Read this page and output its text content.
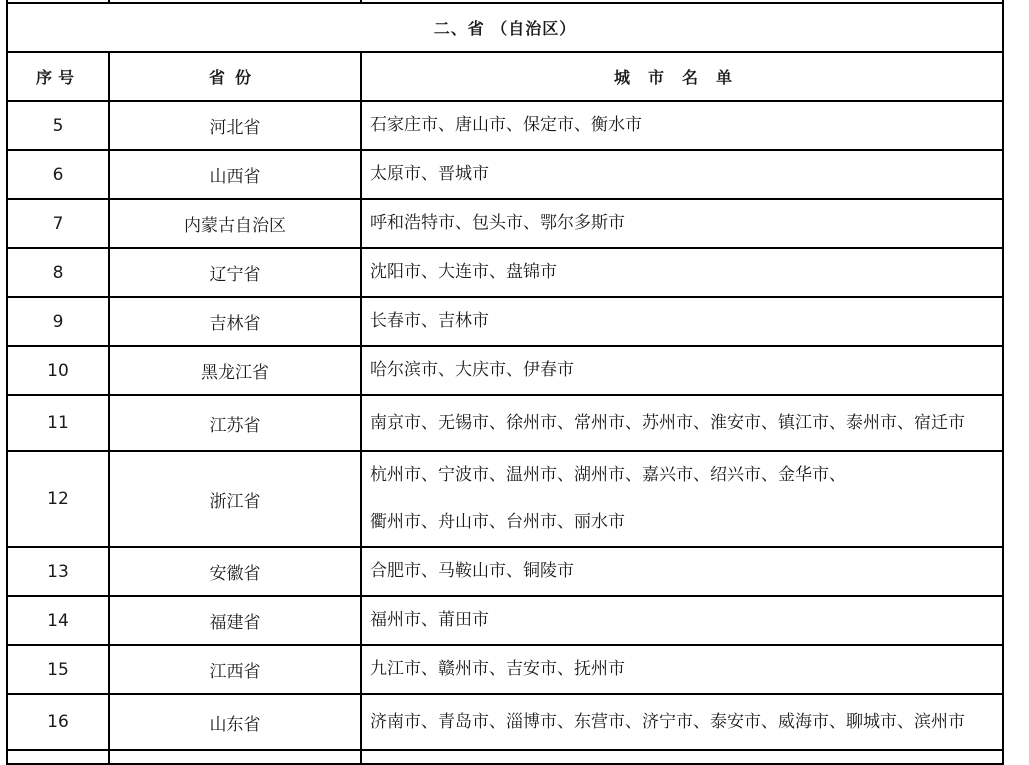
二、省 （自治区）		
序号	省份	城市名单
5	河北省	石家庄市、唐山市、保定市、衡水市

6	山西省	太原市、晋城市

7	内蒙古自治区	呼和浩特市、包头市、鄂尔多斯市

8	辽宁省	沈阳市、大连市、盘锦市

9	吉林省	长春市、吉林市

10	黑龙江省	哈尔滨市、大庆市、伊春市

11	江苏省	南京市、无锡市、徐州市、常州市、苏州市、淮安市、镇江市、泰州市、宿迁市

12	浙江省	杭州市、宁波市、温州市、湖州市、嘉兴市、绍兴市、金华市、
衢州市、舟山市、台州市、丽水市

13	安徽省	合肥市、马鞍山市、铜陵市

14	福建省	福州市、莆田市

15	江西省	九江市、赣州市、吉安市、抚州市

16	山东省	济南市、青岛市、淄博市、东营市、济宁市、泰安市、威海市、聊城市、滨州市
